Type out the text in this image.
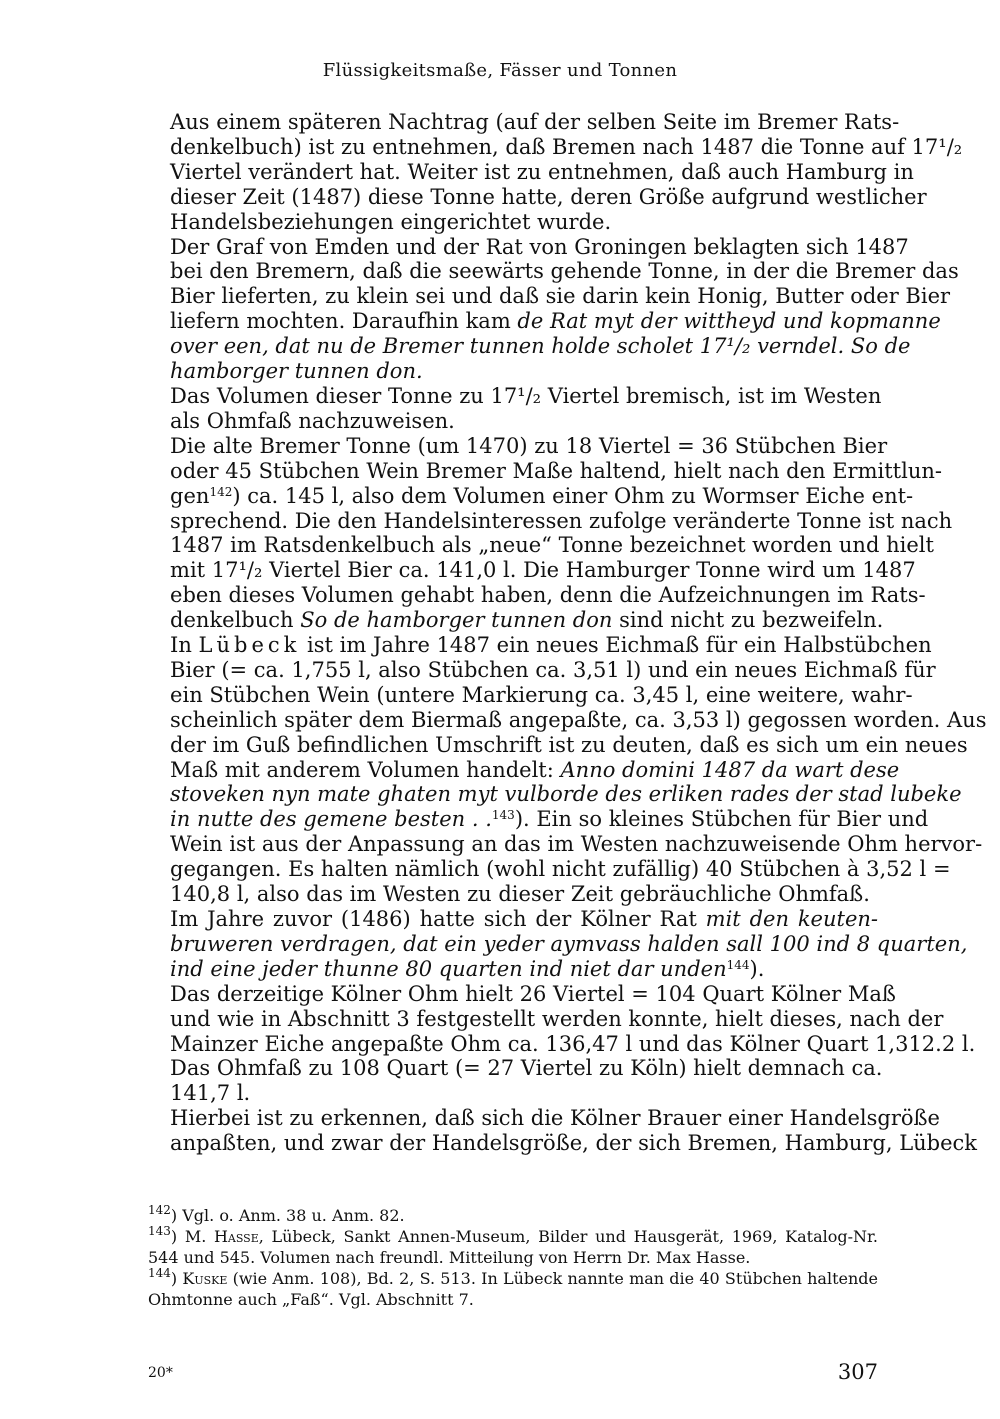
Flüssigkeitsmaße, Fässer und Tonnen

Aus einem späteren Nachtrag (auf der selben Seite im Bremer Rats-
denkelbuch) ist zu entnehmen, daß Bremen nach 1487 die Tonne auf 17¹/₂
Viertel verändert hat. Weiter ist zu entnehmen, daß auch Hamburg in
dieser Zeit (1487) diese Tonne hatte, deren Größe aufgrund westlicher
Handelsbeziehungen eingerichtet wurde.

Der Graf von Emden und der Rat von Groningen beklagten sich 1487
bei den Bremern, daß die seewärts gehende Tonne, in der die Bremer das
Bier lieferten, zu klein sei und daß sie darin kein Honig, Butter oder Bier
liefern mochten. Daraufhin kam de Rat myt der wittheyd und kopmanne
over een, dat nu de Bremer tunnen holde scholet 17¹/₂ verndel. So de
hamborger tunnen don.

Das Volumen dieser Tonne zu 17¹/₂ Viertel bremisch, ist im Westen
als Ohmfaß nachzuweisen.

Die alte Bremer Tonne (um 1470) zu 18 Viertel = 36 Stübchen Bier
oder 45 Stübchen Wein Bremer Maße haltend, hielt nach den Ermittlun-
gen$^{142}$) ca. 145 l, also dem Volumen einer Ohm zu Wormser Eiche ent-
sprechend. Die den Handelsinteressen zufolge veränderte Tonne ist nach
1487 im Ratsdenkelbuch als „neue“ Tonne bezeichnet worden und hielt
mit 17¹/₂ Viertel Bier ca. 141,0 l. Die Hamburger Tonne wird um 1487
eben dieses Volumen gehabt haben, denn die Aufzeichnungen im Rats-
denkelbuch So de hamborger tunnen don sind nicht zu bezweifeln.

In Lübeck ist im Jahre 1487 ein neues Eichmaß für ein Halbstübchen
Bier (= ca. 1,755 l, also Stübchen ca. 3,51 l) und ein neues Eichmaß für
ein Stübchen Wein (untere Markierung ca. 3,45 l, eine weitere, wahr-
scheinlich später dem Biermaß angepaßte, ca. 3,53 l) gegossen worden. Aus
der im Guß befindlichen Umschrift ist zu deuten, daß es sich um ein neues
Maß mit anderem Volumen handelt: Anno domini 1487 da wart dese
stoveken nyn mate ghaten myt vulborde des erliken rades der stad lubeke
in nutte des gemene besten . .$^{143}$). Ein so kleines Stübchen für Bier und
Wein ist aus der Anpassung an das im Westen nachzuweisende Ohm hervor-
gegangen. Es halten nämlich (wohl nicht zufällig) 40 Stübchen à 3,52 l =
140,8 l, also das im Westen zu dieser Zeit gebräuchliche Ohmfaß.

Im Jahre zuvor (1486) hatte sich der Kölner Rat mit den keuten-
bruweren verdragen, dat ein yeder aymvass halden sall 100 ind 8 quarten,
ind eine jeder thunne 80 quarten ind niet dar unden$^{144}$).

Das derzeitige Kölner Ohm hielt 26 Viertel = 104 Quart Kölner Maß
und wie in Abschnitt 3 festgestellt werden konnte, hielt dieses, nach der
Mainzer Eiche angepaßte Ohm ca. 136,47 l und das Kölner Quart 1,312.2 l.
Das Ohmfaß zu 108 Quart (= 27 Viertel zu Köln) hielt demnach ca.
141,7 l.

Hierbei ist zu erkennen, daß sich die Kölner Brauer einer Handelsgröße
anpaßten, und zwar der Handelsgröße, der sich Bremen, Hamburg, Lübeck

$^{142}$) Vgl. o. Anm. 38 u. Anm. 82.

$^{143}$) M. Hasse, Lübeck, Sankt Annen-Museum, Bilder und Hausgerät, 1969, Katalog-Nr.
544 und 545. Volumen nach freundl. Mitteilung von Herrn Dr. Max Hasse.

$^{144}$) Kuske (wie Anm. 108), Bd. 2, S. 513. In Lübeck nannte man die 40 Stübchen haltende
Ohmtonne auch „Faß“. Vgl. Abschnitt 7.

20*	307
